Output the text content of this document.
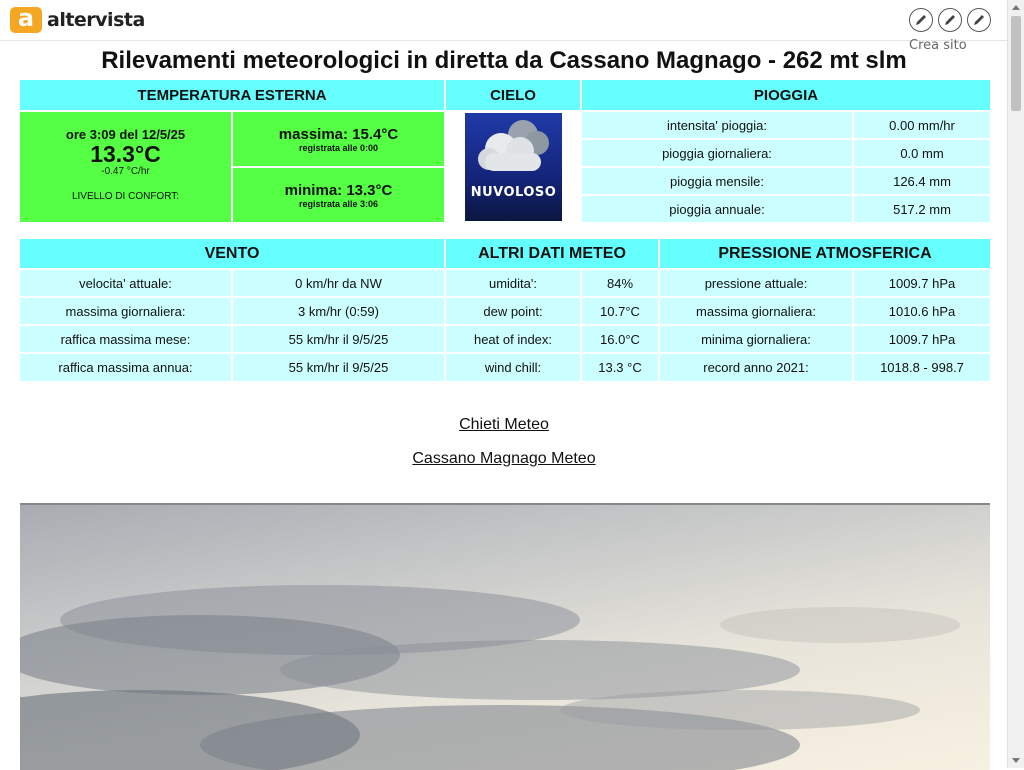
a altervista
Crea sito
Rilevamenti meteorologici in diretta da Cassano Magnago - 262 mt slm
TEMPERATURA ESTERNA	CIELO	PIOGGIA
ore 3:09 del 12/5/25
13.3°C
-0.47 °C/hr
LIVELLO DI CONFORT:
massima: 15.4°C
registrata alle 0:00
minima: 13.3°C
registrata alle 3:06
NUVOLOSO
intensita' pioggia:	0.00 mm/hr
pioggia giornaliera:	0.0 mm
pioggia mensile:	126.4 mm
pioggia annuale:	517.2 mm
VENTO	ALTRI DATI METEO	PRESSIONE ATMOSFERICA
velocita' attuale:	0 km/hr da NW
massima giornaliera:	3 km/hr (0:59)
raffica massima mese:	55 km/hr il 9/5/25
raffica massima annua:	55 km/hr il 9/5/25
umidita':	84%
dew point:	10.7°C
heat of index:	16.0°C
wind chill:	13.3 °C
pressione attuale:	1009.7 hPa
massima giornaliera:	1010.6 hPa
minima giornaliera:	1009.7 hPa
record anno 2021:	1018.8 - 998.7
Chieti Meteo
Cassano Magnago Meteo
